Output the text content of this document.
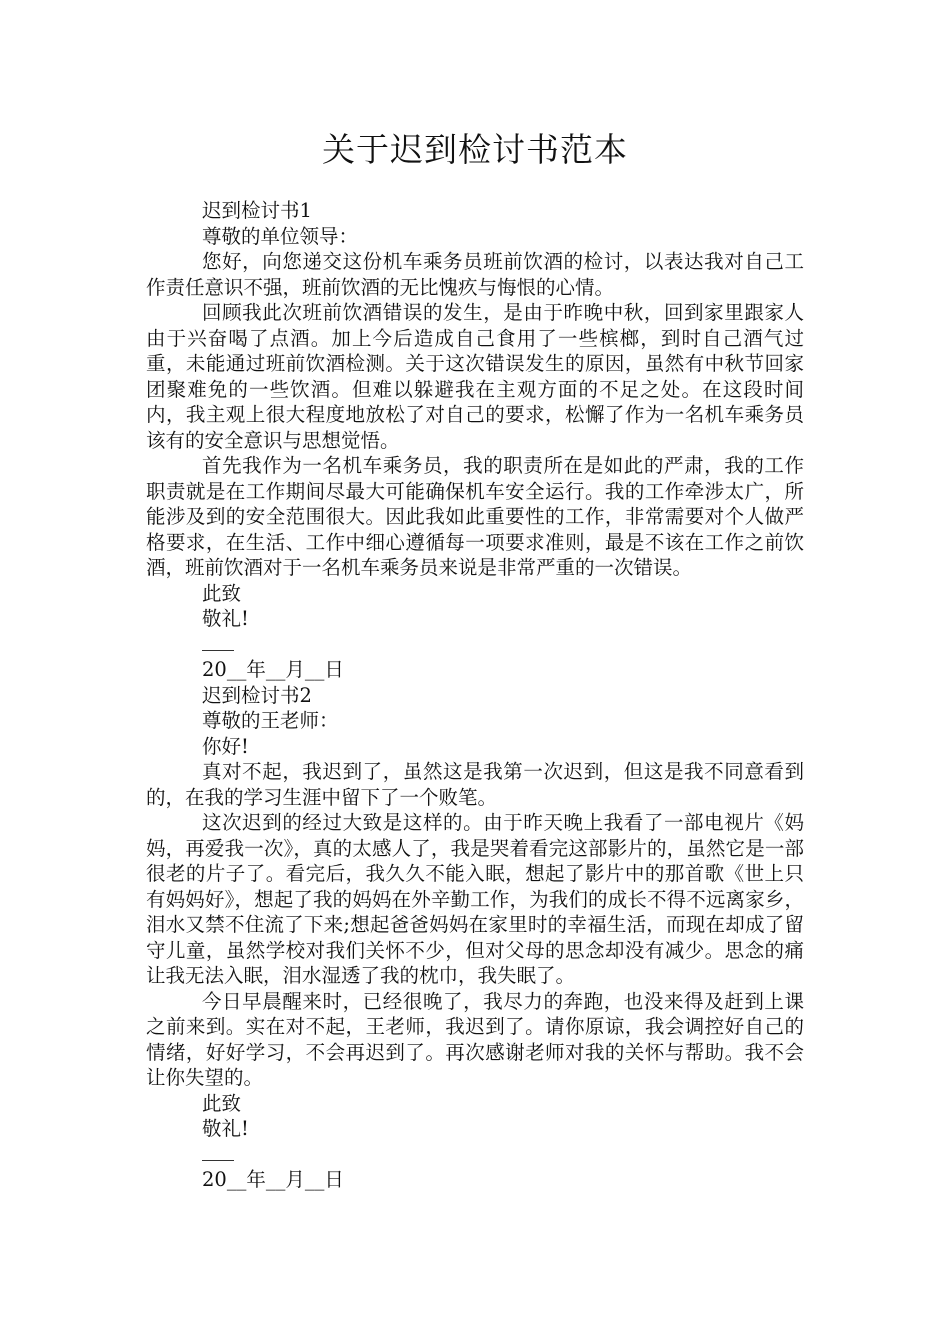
关于迟到检讨书范本
迟到检讨书1
尊敬的单位领导：

您好，向您递交这份机车乘务员班前饮酒的检讨，以表达我对自己工作责任意识不强，班前饮酒的无比愧疚与悔恨的心情。

回顾我此次班前饮酒错误的发生，是由于昨晚中秋，回到家里跟家人由于兴奋喝了点酒。加上今后造成自己食用了一些槟榔，到时自己酒气过重，未能通过班前饮酒检测。关于这次错误发生的原因，虽然有中秋节回家团聚难免的一些饮酒。但难以躲避我在主观方面的不足之处。在这段时间内，我主观上很大程度地放松了对自己的要求，松懈了作为一名机车乘务员该有的安全意识与思想觉悟。

首先我作为一名机车乘务员，我的职责所在是如此的严肃，我的工作职责就是在工作期间尽最大可能确保机车安全运行。我的工作牵涉太广，所能涉及到的安全范围很大。因此我如此重要性的工作，非常需要对个人做严格要求，在生活、工作中细心遵循每一项要求准则，最是不该在工作之前饮酒，班前饮酒对于一名机车乘务员来说是非常严重的一次错误。

此致
敬礼!
20__年__月__日
迟到检讨书2
尊敬的王老师：
你好!

真对不起，我迟到了，虽然这是我第一次迟到，但这是我不同意看到的，在我的学习生涯中留下了一个败笔。

这次迟到的经过大致是这样的。由于昨天晚上我看了一部电视片《妈妈，再爱我一次》，真的太感人了，我是哭着看完这部影片的，虽然它是一部很老的片子了。看完后，我久久不能入眠，想起了影片中的那首歌《世上只有妈妈好》，想起了我的妈妈在外辛勤工作，为我们的成长不得不远离家乡，泪水又禁不住流了下来;想起爸爸妈妈在家里时的幸福生活，而现在却成了留守儿童，虽然学校对我们关怀不少，但对父母的思念却没有减少。思念的痛让我无法入眠，泪水湿透了我的枕巾，我失眠了。

今日早晨醒来时，已经很晚了，我尽力的奔跑，也没来得及赶到上课之前来到。实在对不起，王老师，我迟到了。请你原谅，我会调控好自己的情绪，好好学习，不会再迟到了。再次感谢老师对我的关怀与帮助。我不会让你失望的。

此致
敬礼!
20__年__月__日
